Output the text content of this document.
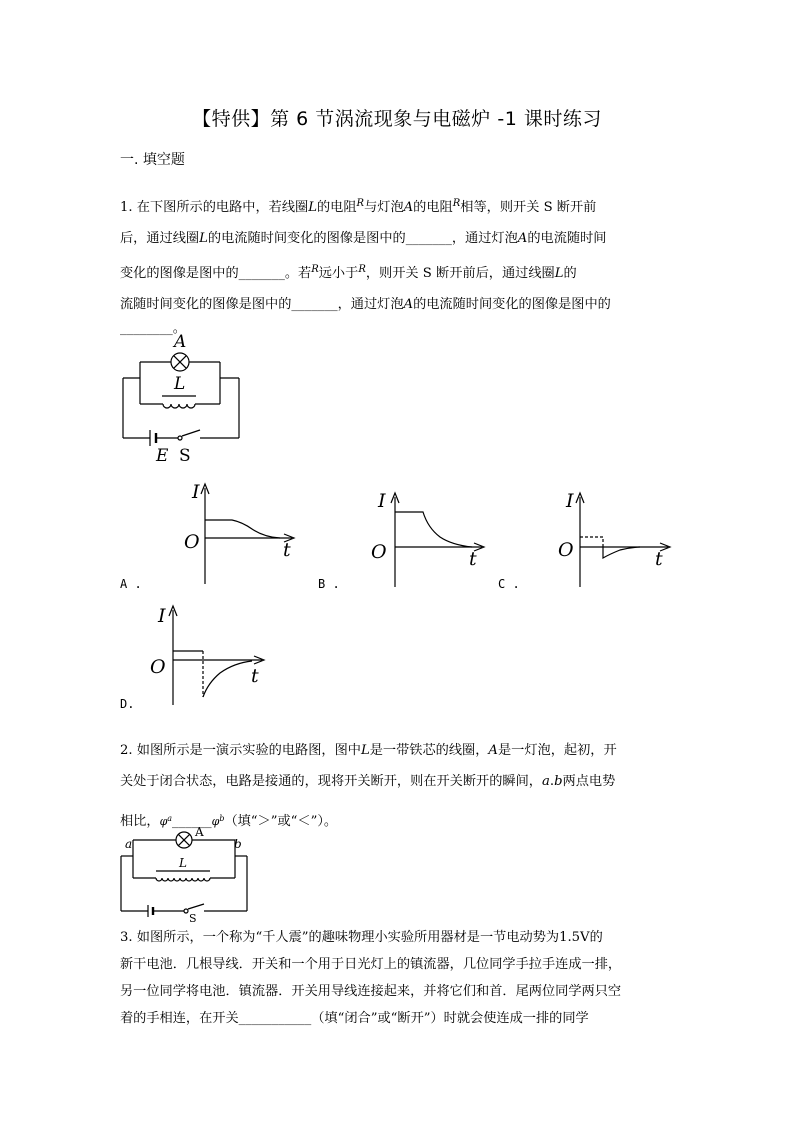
【特供】第 6 节涡流现象与电磁炉 -1 课时练习
一. 填空题
1. 在下图所示的电路中，若线圈L的电阻$^R$与灯泡A的电阻$^R$相等，则开关 S 断开前
后，通过线圈L的电流随时间变化的图像是图中的_______，通过灯泡A的电流随时间
变化的图像是图中的_______。若$^R$远小于$^R$，则开关 S 断开前后，通过线圈L的
流随时间变化的图像是图中的_______，通过灯泡A的电流随时间变化的图像是图中的
________。
A
L
E S
I
O	t
A .
I
O	t
B .
I
O	t
C .
I
O	t
D.
2. 如图所示是一演示实验的电路图，图中L是一带铁芯的线圈，A是一灯泡，起初，开
关处于闭合状态，电路是接通的，现将开关断开，则在开关断开的瞬间，a.b两点电势
相比，$\varphi^a\_\_\_\_\_\_\varphi^b$（填“＞”或“＜”）。
a	b
A
L
S
3. 如图所示，一个称为“千人震”的趣味物理小实验所用器材是一节电动势为1.5V的
新干电池．几根导线．开关和一个用于日光灯上的镇流器，几位同学手拉手连成一排，
另一位同学将电池．镇流器．开关用导线连接起来，并将它们和首．尾两位同学两只空
着的手相连，在开关___________（填“闭合”或“断开”）时就会使连成一排的同学
